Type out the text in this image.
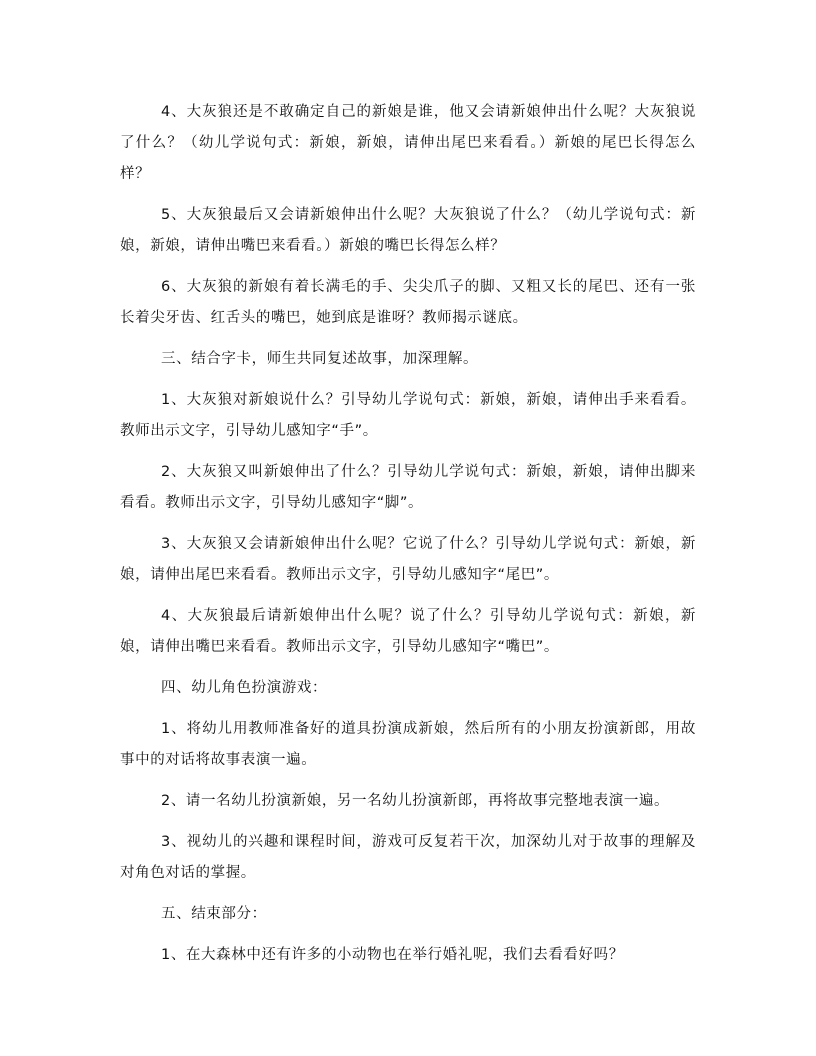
4、大灰狼还是不敢确定自己的新娘是谁，他又会请新娘伸出什么呢？大灰狼说了什么？（幼儿学说句式：新娘，新娘，请伸出尾巴来看看。）新娘的尾巴长得怎么样？

5、大灰狼最后又会请新娘伸出什么呢？大灰狼说了什么？（幼儿学说句式：新娘，新娘，请伸出嘴巴来看看。）新娘的嘴巴长得怎么样？

6、大灰狼的新娘有着长满毛的手、尖尖爪子的脚、又粗又长的尾巴、还有一张长着尖牙齿、红舌头的嘴巴，她到底是谁呀？教师揭示谜底。

三、结合字卡，师生共同复述故事，加深理解。

1、大灰狼对新娘说什么？引导幼儿学说句式：新娘，新娘，请伸出手来看看。教师出示文字，引导幼儿感知字“手”。

2、大灰狼又叫新娘伸出了什么？引导幼儿学说句式：新娘，新娘，请伸出脚来看看。教师出示文字，引导幼儿感知字“脚”。

3、大灰狼又会请新娘伸出什么呢？它说了什么？引导幼儿学说句式：新娘，新娘，请伸出尾巴来看看。教师出示文字，引导幼儿感知字“尾巴”。

4、大灰狼最后请新娘伸出什么呢？说了什么？引导幼儿学说句式：新娘，新娘，请伸出嘴巴来看看。教师出示文字，引导幼儿感知字“嘴巴”。

四、幼儿角色扮演游戏：

1、将幼儿用教师准备好的道具扮演成新娘，然后所有的小朋友扮演新郎，用故事中的对话将故事表演一遍。

2、请一名幼儿扮演新娘，另一名幼儿扮演新郎，再将故事完整地表演一遍。

3、视幼儿的兴趣和课程时间，游戏可反复若干次，加深幼儿对于故事的理解及对角色对话的掌握。

五、结束部分：

1、在大森林中还有许多的小动物也在举行婚礼呢，我们去看看好吗？
